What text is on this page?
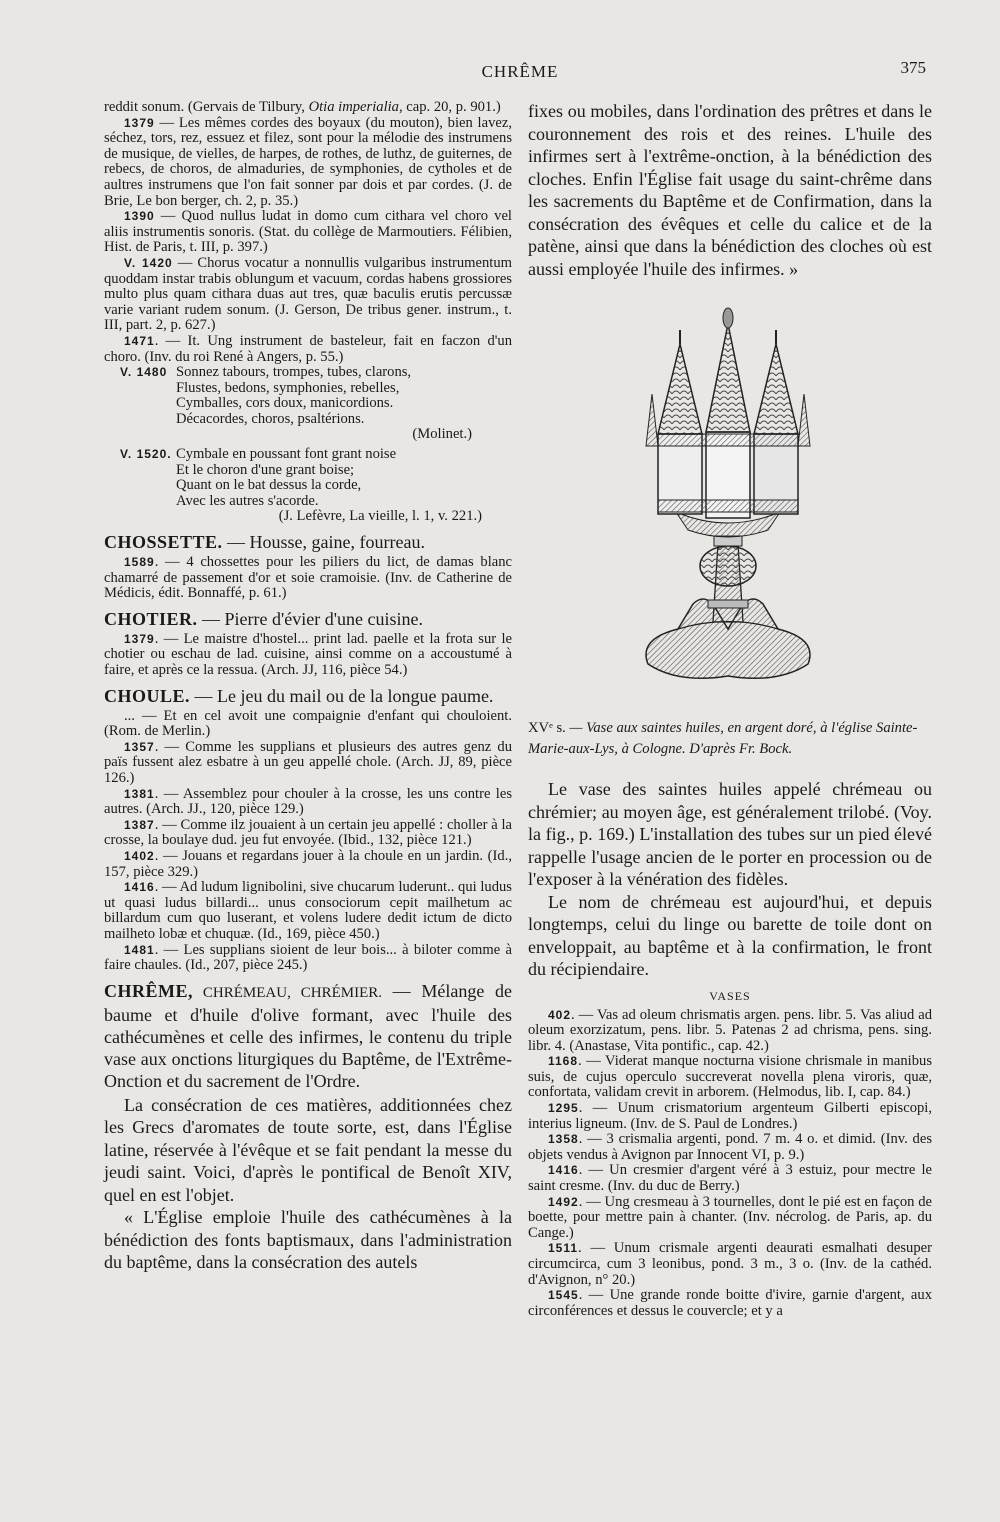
CHRÊME	375

reddit sonum. (Gervais de Tilbury, Otia imperialia, cap. 20, p. 901.)

1379 — Les mêmes cordes des boyaux (du mouton), bien lavez, séchez, tors, rez, essuez et filez, sont pour la mélodie des instrumens de musique, de vielles, de harpes, de rothes, de luthz, de guiternes, de rebecs, de choros, de almaduries, de symphonies, de cytholes et de aultres instrumens que l'on fait sonner par dois et par cordes. (J. de Brie, Le bon berger, ch. 2, p. 35.)

1390 — Quod nullus ludat in domo cum cithara vel choro vel aliis instrumentis sonoris. (Stat. du collège de Marmoutiers. Félibien, Hist. de Paris, t. III, p. 397.)

V. 1420 — Chorus vocatur a nonnullis vulgaribus instrumentum quoddam instar trabis oblungum et vacuum, cordas habens grossiores multo plus quam cithara duas aut tres, quæ baculis erutis percussæ varie variant rudem sonum. (J. Gerson, De tribus gener. instrum., t. III, part. 2, p. 627.)

1471. — It. Ung instrument de basteleur, fait en faczon d'un choro. (Inv. du roi René à Angers, p. 55.)

V. 1480 Sonnez tabours, trompes, tubes, clarons,
Flustes, bedons, symphonies, rebelles,
Cymballes, cors doux, manicordions.
Décacordes, choros, psaltérions.
(Molinet.)
V. 1520. Cymbale en poussant font grant noise
Et le choron d'une grant boise;
Quant on le bat dessus la corde,
Avec les autres s'acorde.
(J. Lefèvre, La vieille, l. 1, v. 221.)

CHOSSETTE. — Housse, gaine, fourreau.

1589. — 4 chossettes pour les piliers du lict, de damas blanc chamarré de passement d'or et soie cramoisie. (Inv. de Catherine de Médicis, édit. Bonnaffé, p. 61.)

CHOTIER. — Pierre d'évier d'une cuisine.

1379. — Le maistre d'hostel... print lad. paelle et la frota sur le chotier ou eschau de lad. cuisine, ainsi comme on a accoustumé à faire, et après ce la ressua. (Arch. JJ, 116, pièce 54.)

CHOULE. — Le jeu du mail ou de la longue paume.

... — Et en cel avoit une compaignie d'enfant qui chouloient. (Rom. de Merlin.)

1357. — Comme les supplians et plusieurs des autres genz du païs fussent alez esbatre à un geu appellé chole. (Arch. JJ, 89, pièce 126.)

1381. — Assemblez pour chouler à la crosse, les uns contre les autres. (Arch. JJ., 120, pièce 129.)

1387. — Comme ilz jouaient à un certain jeu appellé : choller à la crosse, la boulaye dud. jeu fut envoyée. (Ibid., 132, pièce 121.)

1402. — Jouans et regardans jouer à la choule en un jardin. (Id., 157, pièce 329.)

1416. — Ad ludum lignibolini, sive chucarum luderunt.. qui ludus ut quasi ludus billardi... unus consociorum cepit mailhetum ac billardum cum quo luserant, et volens ludere dedit ictum de dicto mailheto lobæ et chuquæ. (Id., 169, pièce 450.)

1481. — Les supplians sioient de leur bois... à biloter comme à faire chaules. (Id., 207, pièce 245.)

CHRÊME, CHRÉMEAU, CHRÉMIER. — Mélange de baume et d'huile d'olive formant, avec l'huile des cathécumènes et celle des infirmes, le contenu du triple vase aux onctions liturgiques du Baptême, de l'Extrême-Onction et du sacrement de l'Ordre.

La consécration de ces matières, additionnées chez les Grecs d'aromates de toute sorte, est, dans l'Église latine, réservée à l'évêque et se fait pendant la messe du jeudi saint. Voici, d'après le pontifical de Benoît XIV, quel en est l'objet.

« L'Église emploie l'huile des cathécumènes à la bénédiction des fonts baptismaux, dans l'administration du baptême, dans la consécration des autels

fixes ou mobiles, dans l'ordination des prêtres et dans le couronnement des rois et des reines. L'huile des infirmes sert à l'extrême-onction, à la bénédiction des cloches. Enfin l'Église fait usage du saint-chrême dans les sacrements du Baptême et de Confirmation, dans la consécration des évêques et celle du calice et de la patène, ainsi que dans la bénédiction des cloches où est aussi employée l'huile des infirmes. »

XVᵉ s. — Vase aux saintes huiles, en argent doré, à l'église Sainte-Marie-aux-Lys, à Cologne. D'après Fr. Bock.

Le vase des saintes huiles appelé chrémeau ou chrémier; au moyen âge, est généralement trilobé. (Voy. la fig., p. 169.) L'installation des tubes sur un pied élevé rappelle l'usage ancien de le porter en procession ou de l'exposer à la vénération des fidèles.

Le nom de chrémeau est aujourd'hui, et depuis longtemps, celui du linge ou barette de toile dont on enveloppait, au baptême et à la confirmation, le front du récipiendaire.

VASES

402. — Vas ad oleum chrismatis argen. pens. libr. 5. Vas aliud ad oleum exorzizatum, pens. libr. 5. Patenas 2 ad chrisma, pens. sing. libr. 4. (Anastase, Vita pontific., cap. 42.)

1168. — Viderat manque nocturna visione chrismale in manibus suis, de cujus operculo succreverat novella plena viroris, quæ, confortata, validam crevit in arborem. (Helmodus, lib. I, cap. 84.)

1295. — Unum crismatorium argenteum Gilberti episcopi, interius ligneum. (Inv. de S. Paul de Londres.)

1358. — 3 crismalia argenti, pond. 7 m. 4 o. et dimid. (Inv. des objets vendus à Avignon par Innocent VI, p. 9.)

1416. — Un cresmier d'argent véré à 3 estuiz, pour mectre le saint cresme. (Inv. du duc de Berry.)

1492. — Ung cresmeau à 3 tournelles, dont le pié est en façon de boette, pour mettre pain à chanter. (Inv. nécrolog. de Paris, ap. du Cange.)

1511. — Unum crismale argenti deaurati esmalhati desuper circumcirca, cum 3 leonibus, pond. 3 m., 3 o. (Inv. de la cathéd. d'Avignon, n° 20.)

1545. — Une grande ronde boitte d'ivire, garnie d'argent, aux circonférences et dessus le couvercle; et y a
